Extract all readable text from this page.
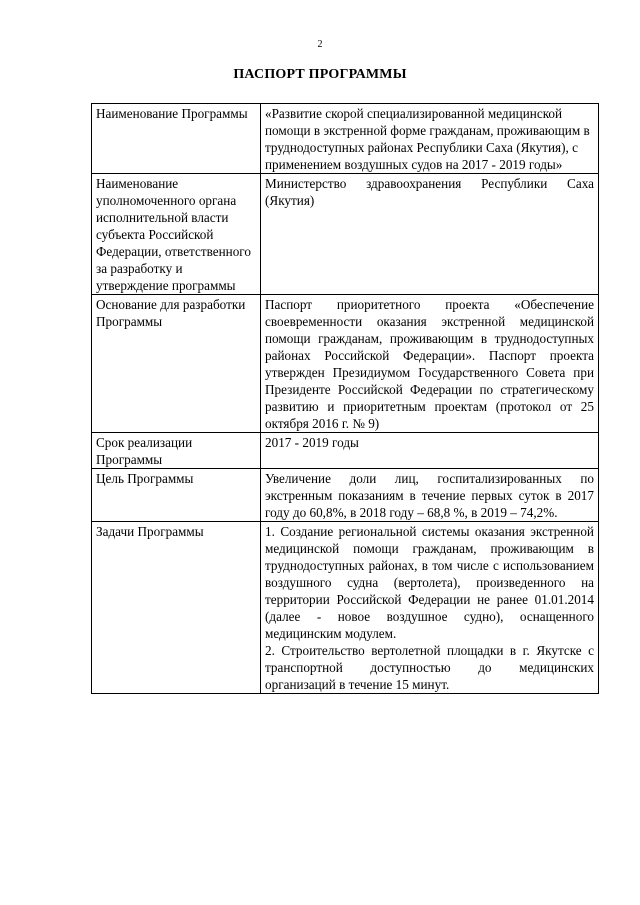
2
ПАСПОРТ ПРОГРАММЫ
Наименование Программы	«Развитие скорой специализированной медицинской помощи в экстренной форме гражданам, проживающим в труднодоступных районах Республики Саха (Якутия), с применением воздушных судов на 2017 - 2019 годы»

Наименование уполномоченного органа исполнительной власти субъекта Российской Федерации, ответственного за разработку и утверждение программы	Министерство здравоохранения Республики Саха (Якутия)

Основание для разработки Программы	Паспорт приоритетного проекта «Обеспечение своевременности оказания экстренной медицинской помощи гражданам, проживающим в труднодоступных районах Российской Федерации». Паспорт проекта утвержден Президиумом Государственного Совета при Президенте Российской Федерации по стратегическому развитию и приоритетным проектам (протокол от 25 октября 2016 г. № 9)

Срок реализации Программы	2017 - 2019 годы

Цель Программы	Увеличение доли лиц, госпитализированных по экстренным показаниям в течение первых суток в 2017 году до 60,8%, в 2018 году – 68,8 %, в 2019 – 74,2%.

Задачи Программы	1. Создание региональной системы оказания экстренной медицинской помощи гражданам, проживающим в труднодоступных районах, в том числе с использованием воздушного судна (вертолета), произведенного на территории Российской Федерации не ранее 01.01.2014 (далее - новое воздушное судно), оснащенного медицинским модулем.
2. Строительство вертолетной площадки в г. Якутске с транспортной доступностью до медицинских организаций в течение 15 минут.
